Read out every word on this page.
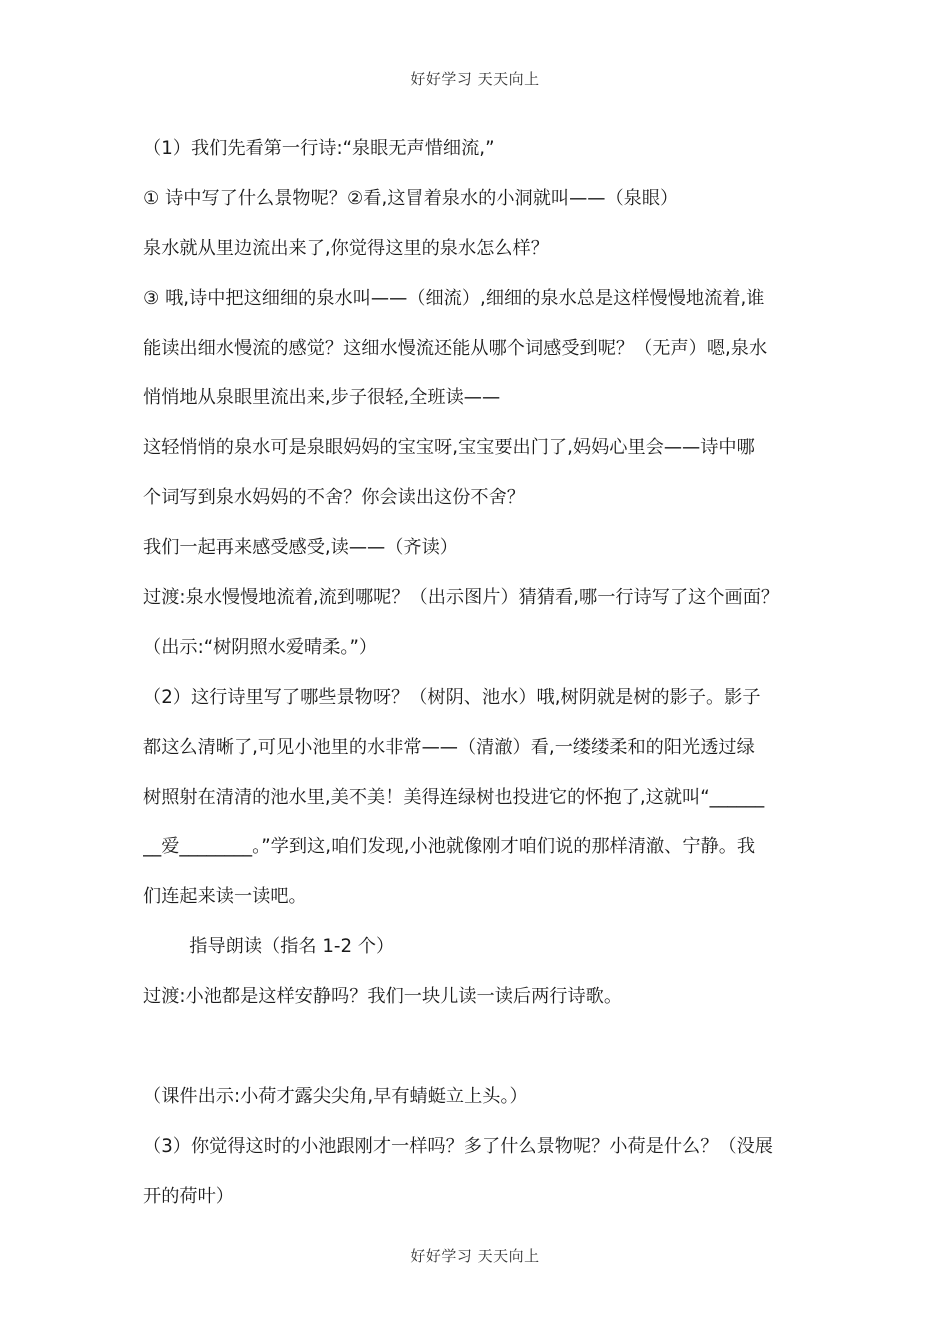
好好学习 天天向上
（1）我们先看第一行诗:“泉眼无声惜细流,”
① 诗中写了什么景物呢？②看,这冒着泉水的小洞就叫——（泉眼）
泉水就从里边流出来了,你觉得这里的泉水怎么样？
③ 哦,诗中把这细细的泉水叫——（细流）,细细的泉水总是这样慢慢地流着,谁
能读出细水慢流的感觉？这细水慢流还能从哪个词感受到呢？（无声）嗯,泉水
悄悄地从泉眼里流出来,步子很轻,全班读——
这轻悄悄的泉水可是泉眼妈妈的宝宝呀,宝宝要出门了,妈妈心里会——诗中哪
个词写到泉水妈妈的不舍？你会读出这份不舍？
我们一起再来感受感受,读——（齐读）
过渡:泉水慢慢地流着,流到哪呢？（出示图片）猜猜看,哪一行诗写了这个画面？
（出示:“树阴照水爱晴柔。”）
（2）这行诗里写了哪些景物呀？（树阴、池水）哦,树阴就是树的影子。影子
都这么清晰了,可见小池里的水非常——（清澈）看,一缕缕柔和的阳光透过绿
树照射在清清的池水里,美不美！美得连绿树也投进它的怀抱了,这就叫“______
__爱________。”学到这,咱们发现,小池就像刚才咱们说的那样清澈、宁静。我
们连起来读一读吧。
指导朗读（指名 1-2 个）
过渡:小池都是这样安静吗？我们一块儿读一读后两行诗歌。
（课件出示:小荷才露尖尖角,早有蜻蜓立上头。）
（3）你觉得这时的小池跟刚才一样吗？多了什么景物呢？小荷是什么？（没展
开的荷叶）
好好学习 天天向上
